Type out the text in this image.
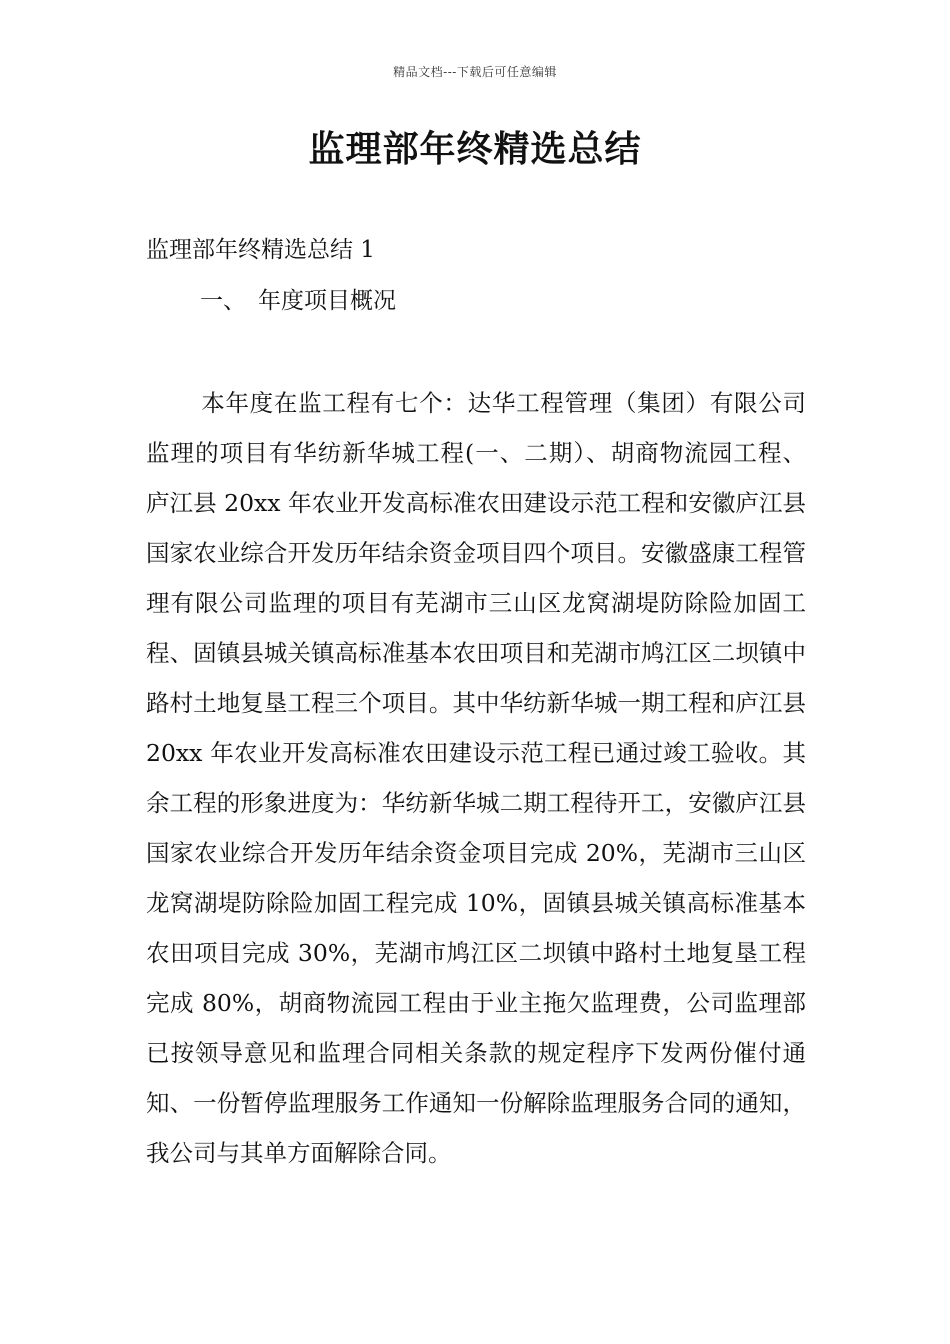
精品文档---下载后可任意编辑
监理部年终精选总结

监理部年终精选总结 1

一、 年度项目概况

本年度在监工程有七个：达华工程管理（集团）有限公司监理的项目有华纺新华城工程(一、二期）、胡商物流园工程、 庐江县 20xx 年农业开发高标准农田建设示范工程和安徽庐江县国家农业综合开发历年结余资金项目四个项目。安徽盛康工程管理有限公司监理的项目有芜湖市三山区龙窝湖堤防除险加固工程、固镇县城关镇高标准基本农田项目和芜湖市鸠江区二坝镇中路村土地复垦工程三个项目。其中华纺新华城一期工程和庐江县 20xx 年农业开发高标准农田建设示范工程已通过竣工验收。其余工程的形象进度为：华纺新华城二期工程待开工，安徽庐江县国家农业综合开发历年结余资金项目完成 20%，芜湖市三山区龙窝湖堤防除险加固工程完成 10%，固镇县城关镇高标准基本农田项目完成 30%，芜湖市鸠江区二坝镇中路村土地复垦工程完成 80%，胡商物流园工程由于业主拖欠监理费，公司监理部已按领导意见和监理合同相关条款的规定程序下发两份催付通知、一份暂停监理服务工作通知一份解除监理服务合同的通知，我公司与其单方面解除合同。
